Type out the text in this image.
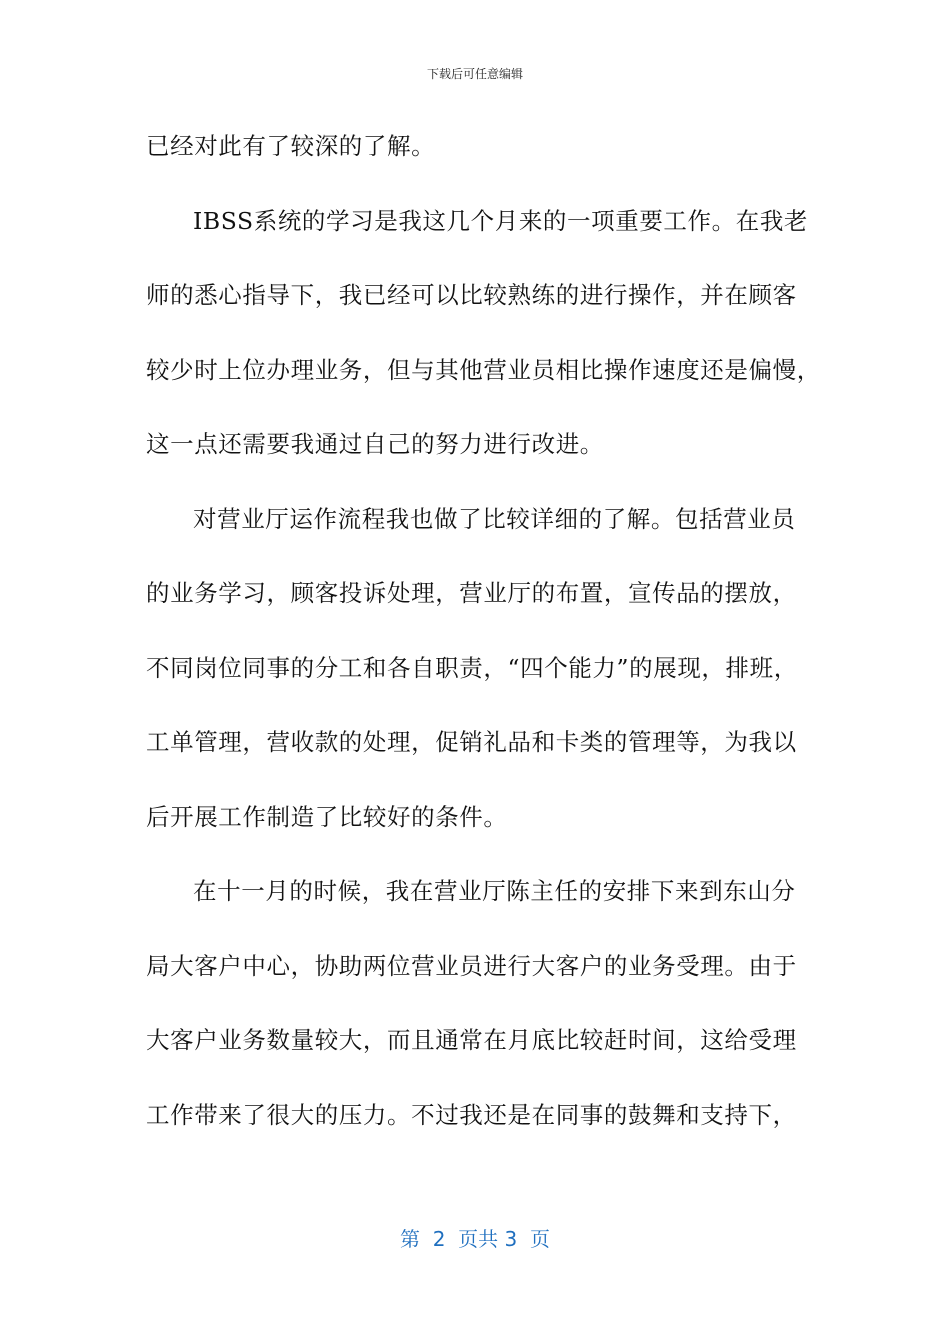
下载后可任意编辑
已经对此有了较深的了解。
IBSS系统的学习是我这几个月来的一项重要工作。在我老
师的悉心指导下，我已经可以比较熟练的进行操作，并在顾客
较少时上位办理业务，但与其他营业员相比操作速度还是偏慢，
这一点还需要我通过自己的努力进行改进。
对营业厅运作流程我也做了比较详细的了解。包括营业员
的业务学习，顾客投诉处理，营业厅的布置，宣传品的摆放，
不同岗位同事的分工和各自职责，“四个能力”的展现，排班，
工单管理，营收款的处理，促销礼品和卡类的管理等，为我以
后开展工作制造了比较好的条件。
在十一月的时候，我在营业厅陈主任的安排下来到东山分
局大客户中心，协助两位营业员进行大客户的业务受理。由于
大客户业务数量较大，而且通常在月底比较赶时间，这给受理
工作带来了很大的压力。不过我还是在同事的鼓舞和支持下，
第  2  页共 3  页
